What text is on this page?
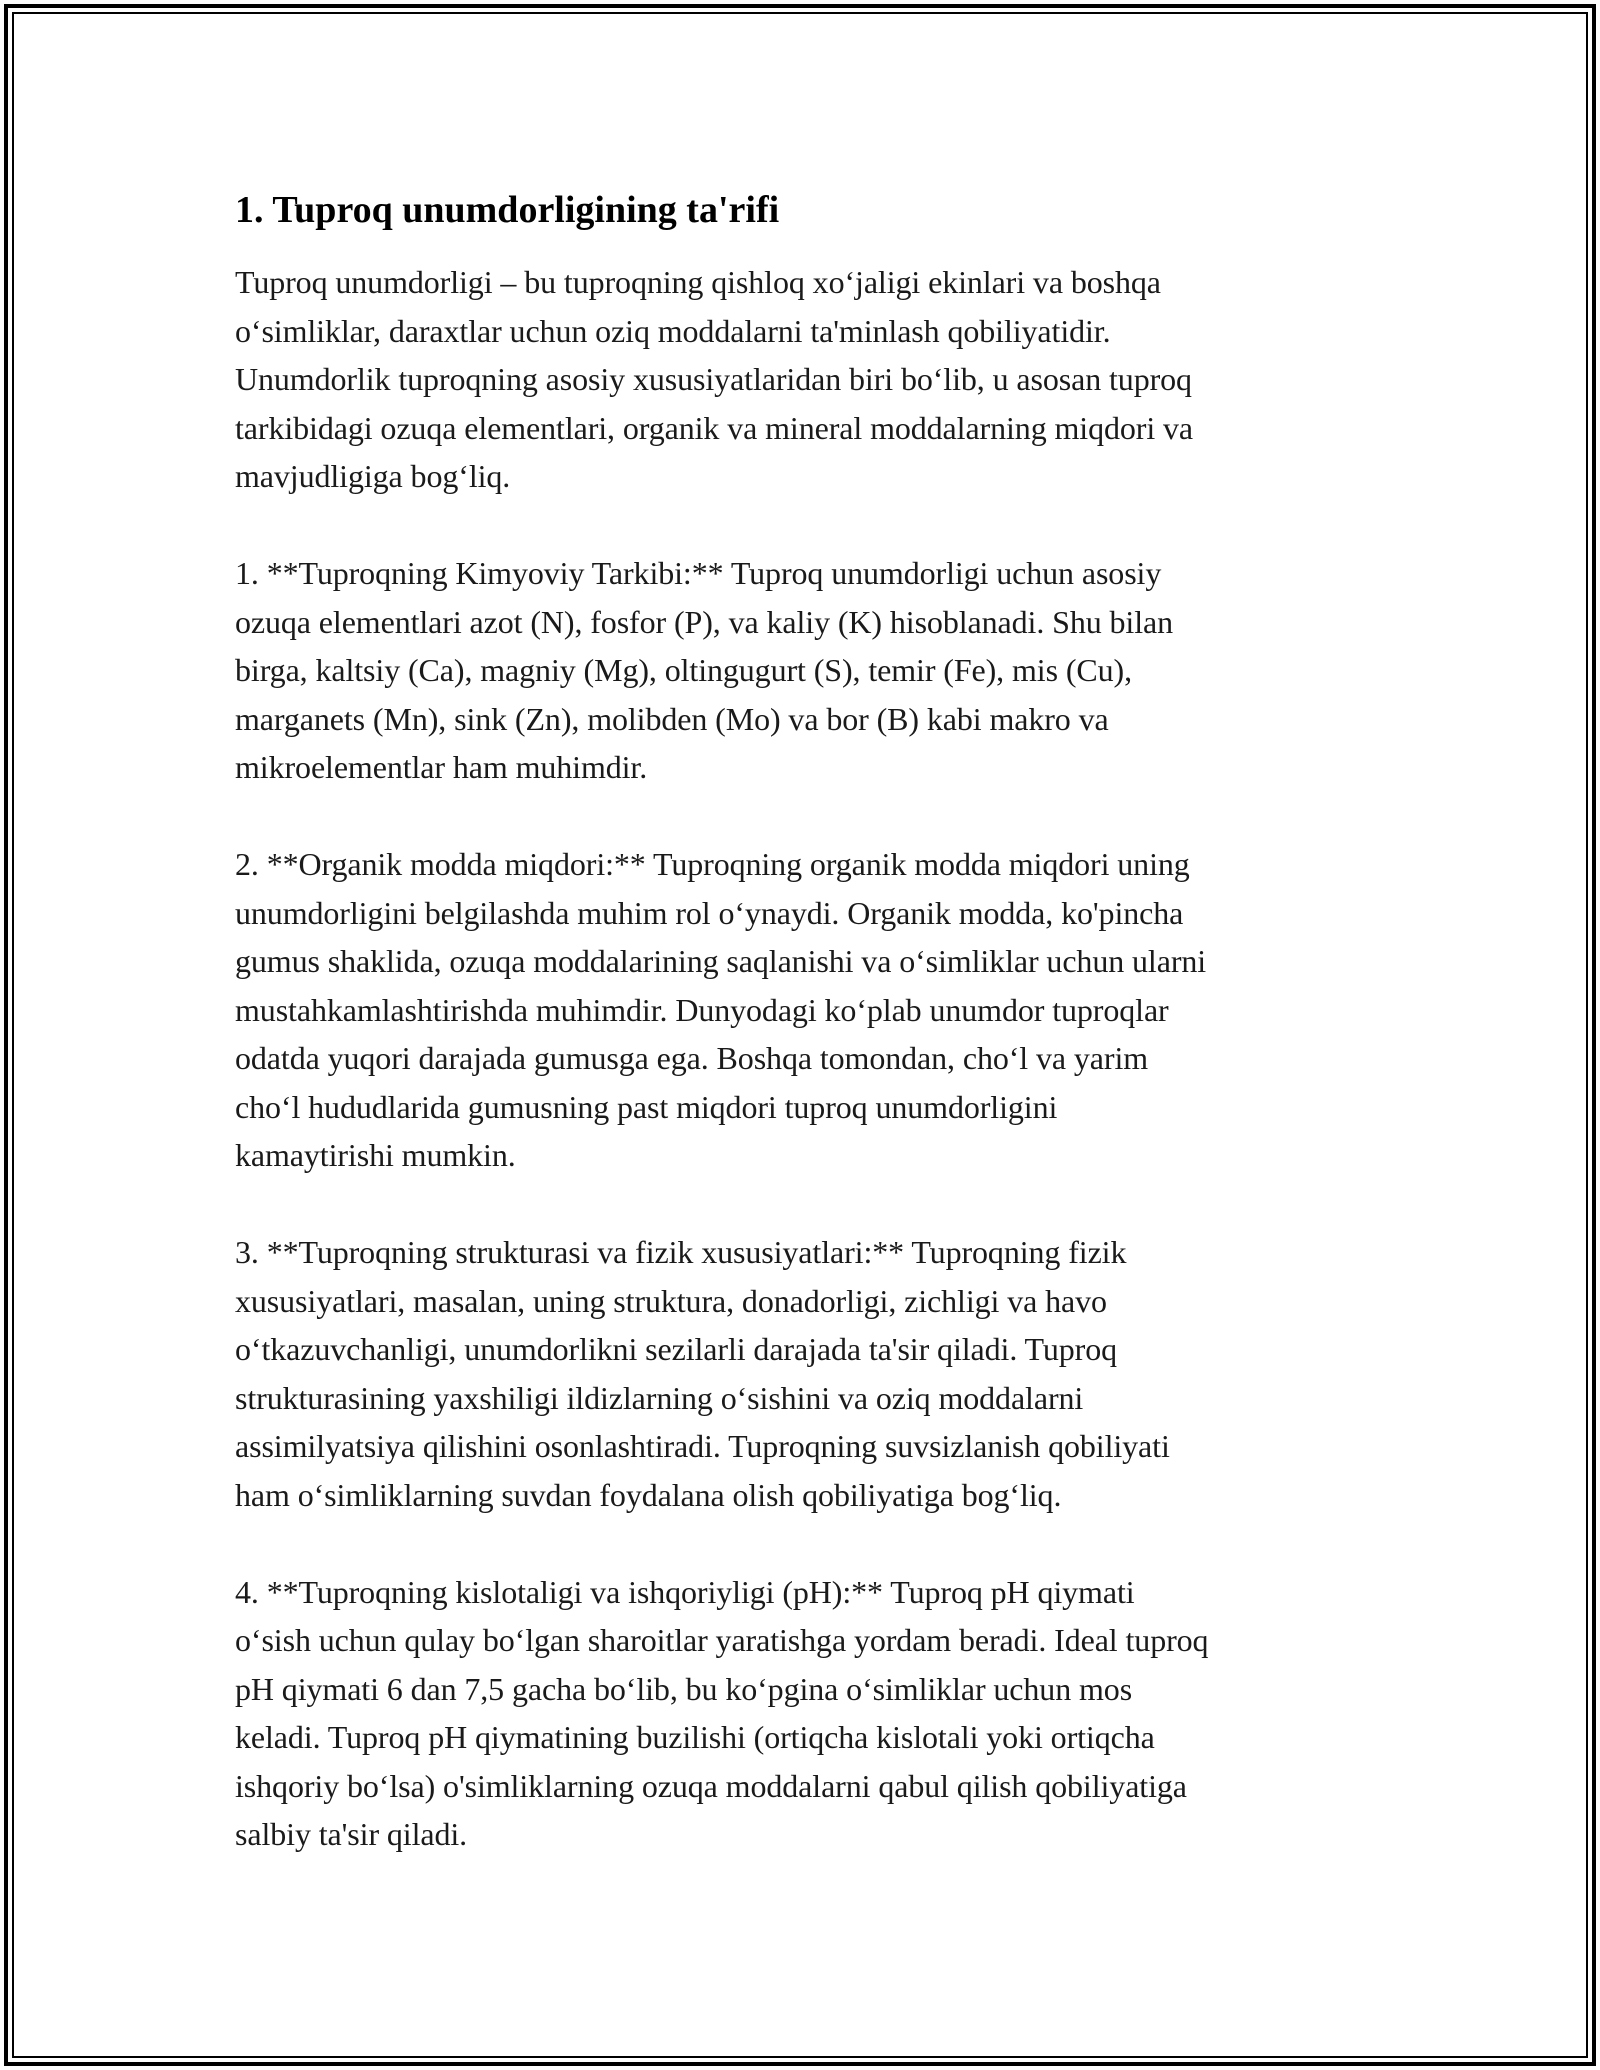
1. Tuproq unumdorligining ta'rifi

Tuproq unumdorligi – bu tuproqning qishloq xo‘jaligi ekinlari va boshqa
o‘simliklar, daraxtlar uchun oziq moddalarni ta'minlash qobiliyatidir.
Unumdorlik tuproqning asosiy xususiyatlaridan biri bo‘lib, u asosan tuproq
tarkibidagi ozuqa elementlari, organik va mineral moddalarning miqdori va
mavjudligiga bog‘liq.

1. **Tuproqning Kimyoviy Tarkibi:** Tuproq unumdorligi uchun asosiy
ozuqa elementlari azot (N), fosfor (P), va kaliy (K) hisoblanadi. Shu bilan
birga, kaltsiy (Ca), magniy (Mg), oltingugurt (S), temir (Fe), mis (Cu),
marganets (Mn), sink (Zn), molibden (Mo) va bor (B) kabi makro va
mikroelementlar ham muhimdir.

2. **Organik modda miqdori:** Tuproqning organik modda miqdori uning
unumdorligini belgilashda muhim rol o‘ynaydi. Organik modda, ko'pincha
gumus shaklida, ozuqa moddalarining saqlanishi va o‘simliklar uchun ularni
mustahkamlashtirishda muhimdir. Dunyodagi ko‘plab unumdor tuproqlar
odatda yuqori darajada gumusga ega. Boshqa tomondan, cho‘l va yarim
cho‘l hududlarida gumusning past miqdori tuproq unumdorligini
kamaytirishi mumkin.

3. **Tuproqning strukturasi va fizik xususiyatlari:** Tuproqning fizik
xususiyatlari, masalan, uning struktura, donadorligi, zichligi va havo
o‘tkazuvchanligi, unumdorlikni sezilarli darajada ta'sir qiladi. Tuproq
strukturasining yaxshiligi ildizlarning o‘sishini va oziq moddalarni
assimilyatsiya qilishini osonlashtiradi. Tuproqning suvsizlanish qobiliyati
ham o‘simliklarning suvdan foydalana olish qobiliyatiga bog‘liq.

4. **Tuproqning kislotaligi va ishqoriyligi (pH):** Tuproq pH qiymati
o‘sish uchun qulay bo‘lgan sharoitlar yaratishga yordam beradi. Ideal tuproq
pH qiymati 6 dan 7,5 gacha bo‘lib, bu ko‘pgina o‘simliklar uchun mos
keladi. Tuproq pH qiymatining buzilishi (ortiqcha kislotali yoki ortiqcha
ishqoriy bo‘lsa) o'simliklarning ozuqa moddalarni qabul qilish qobiliyatiga
salbiy ta'sir qiladi.
